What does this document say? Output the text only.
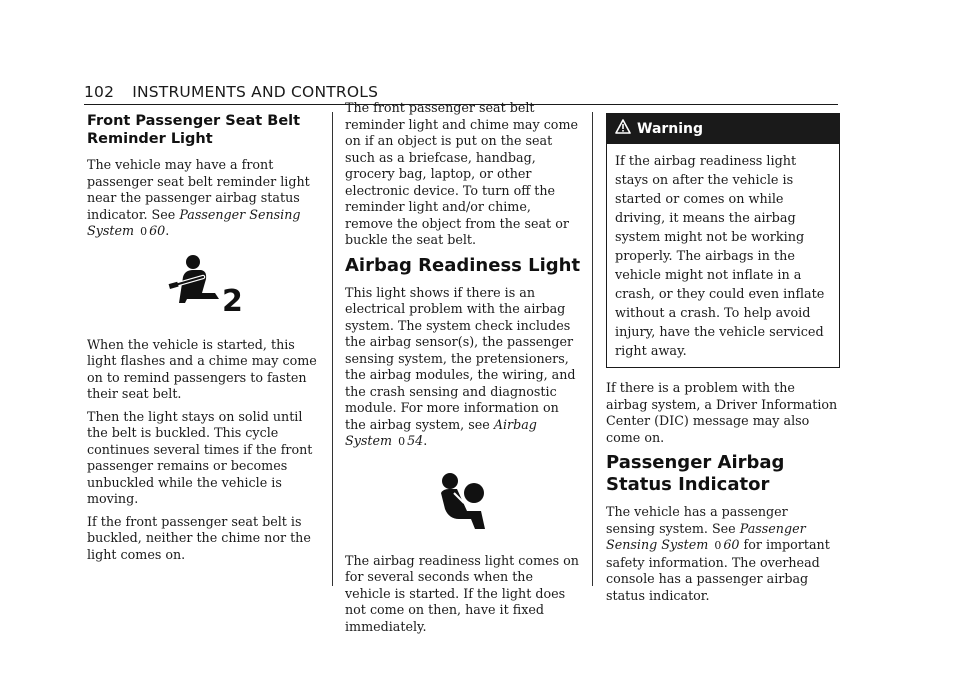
102 INSTRUMENTS AND CONTROLS
Front Passenger Seat Belt Reminder Light

The vehicle may have a front passenger seat belt reminder light near the passenger airbag status indicator. See Passenger Sensing System 0 60.

2

When the vehicle is started, this light flashes and a chime may come on to remind passengers to fasten their seat belt.

Then the light stays on solid until the belt is buckled. This cycle continues several times if the front passenger remains or becomes unbuckled while the vehicle is moving.

If the front passenger seat belt is buckled, neither the chime nor the light comes on.

The front passenger seat belt reminder light and chime may come on if an object is put on the seat such as a briefcase, handbag, grocery bag, laptop, or other electronic device. To turn off the reminder light and/or chime, remove the object from the seat or buckle the seat belt.

Airbag Readiness Light

This light shows if there is an electrical problem with the airbag system. The system check includes the airbag sensor(s), the passenger sensing system, the pretensioners, the airbag modules, the wiring, and the crash sensing and diagnostic module. For more information on the airbag system, see Airbag System 0 54.

The airbag readiness light comes on for several seconds when the vehicle is started. If the light does not come on then, have it fixed immediately.

Warning

If the airbag readiness light stays on after the vehicle is started or comes on while driving, it means the airbag system might not be working properly. The airbags in the vehicle might not inflate in a crash, or they could even inflate without a crash. To help avoid injury, have the vehicle serviced right away.

If there is a problem with the airbag system, a Driver Information Center (DIC) message may also come on.

Passenger Airbag Status Indicator

The vehicle has a passenger sensing system. See Passenger Sensing System 0 60 for important safety information. The overhead console has a passenger airbag status indicator.
